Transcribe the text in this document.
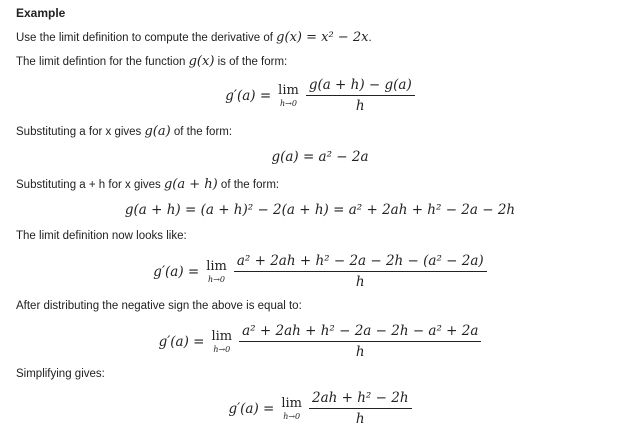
Example
Use the limit definition to compute the derivative of g(x) = x² − 2x.
The limit defintion for the function g(x) is of the form:
g′(a) = lim
$h\to 0 \frac{g(a + h) - g(a)}{h}$
Substituting a for x gives g(a) of the form:
g(a) = a² − 2a
Substituting a + h for x gives g(a + h) of the form:
g(a + h) = (a + h)² − 2(a + h) = a² + 2ah + h² − 2a − 2h
The limit definition now looks like:
g′(a) = lim
$h\to 0 \frac{\text{a² + 2ah + h² − 2a − 2h − (a² − 2a)}}{h}$
After distributing the negative sign the above is equal to:
g′(a) = lim
$h\to 0 \frac{\text{a² + 2ah + h² − 2a − 2h − a² + 2a}}{h}$
Simplifying gives:
g′(a) = lim
$h\to 0 \frac{\text{2ah + h² − 2h}}{h}$
